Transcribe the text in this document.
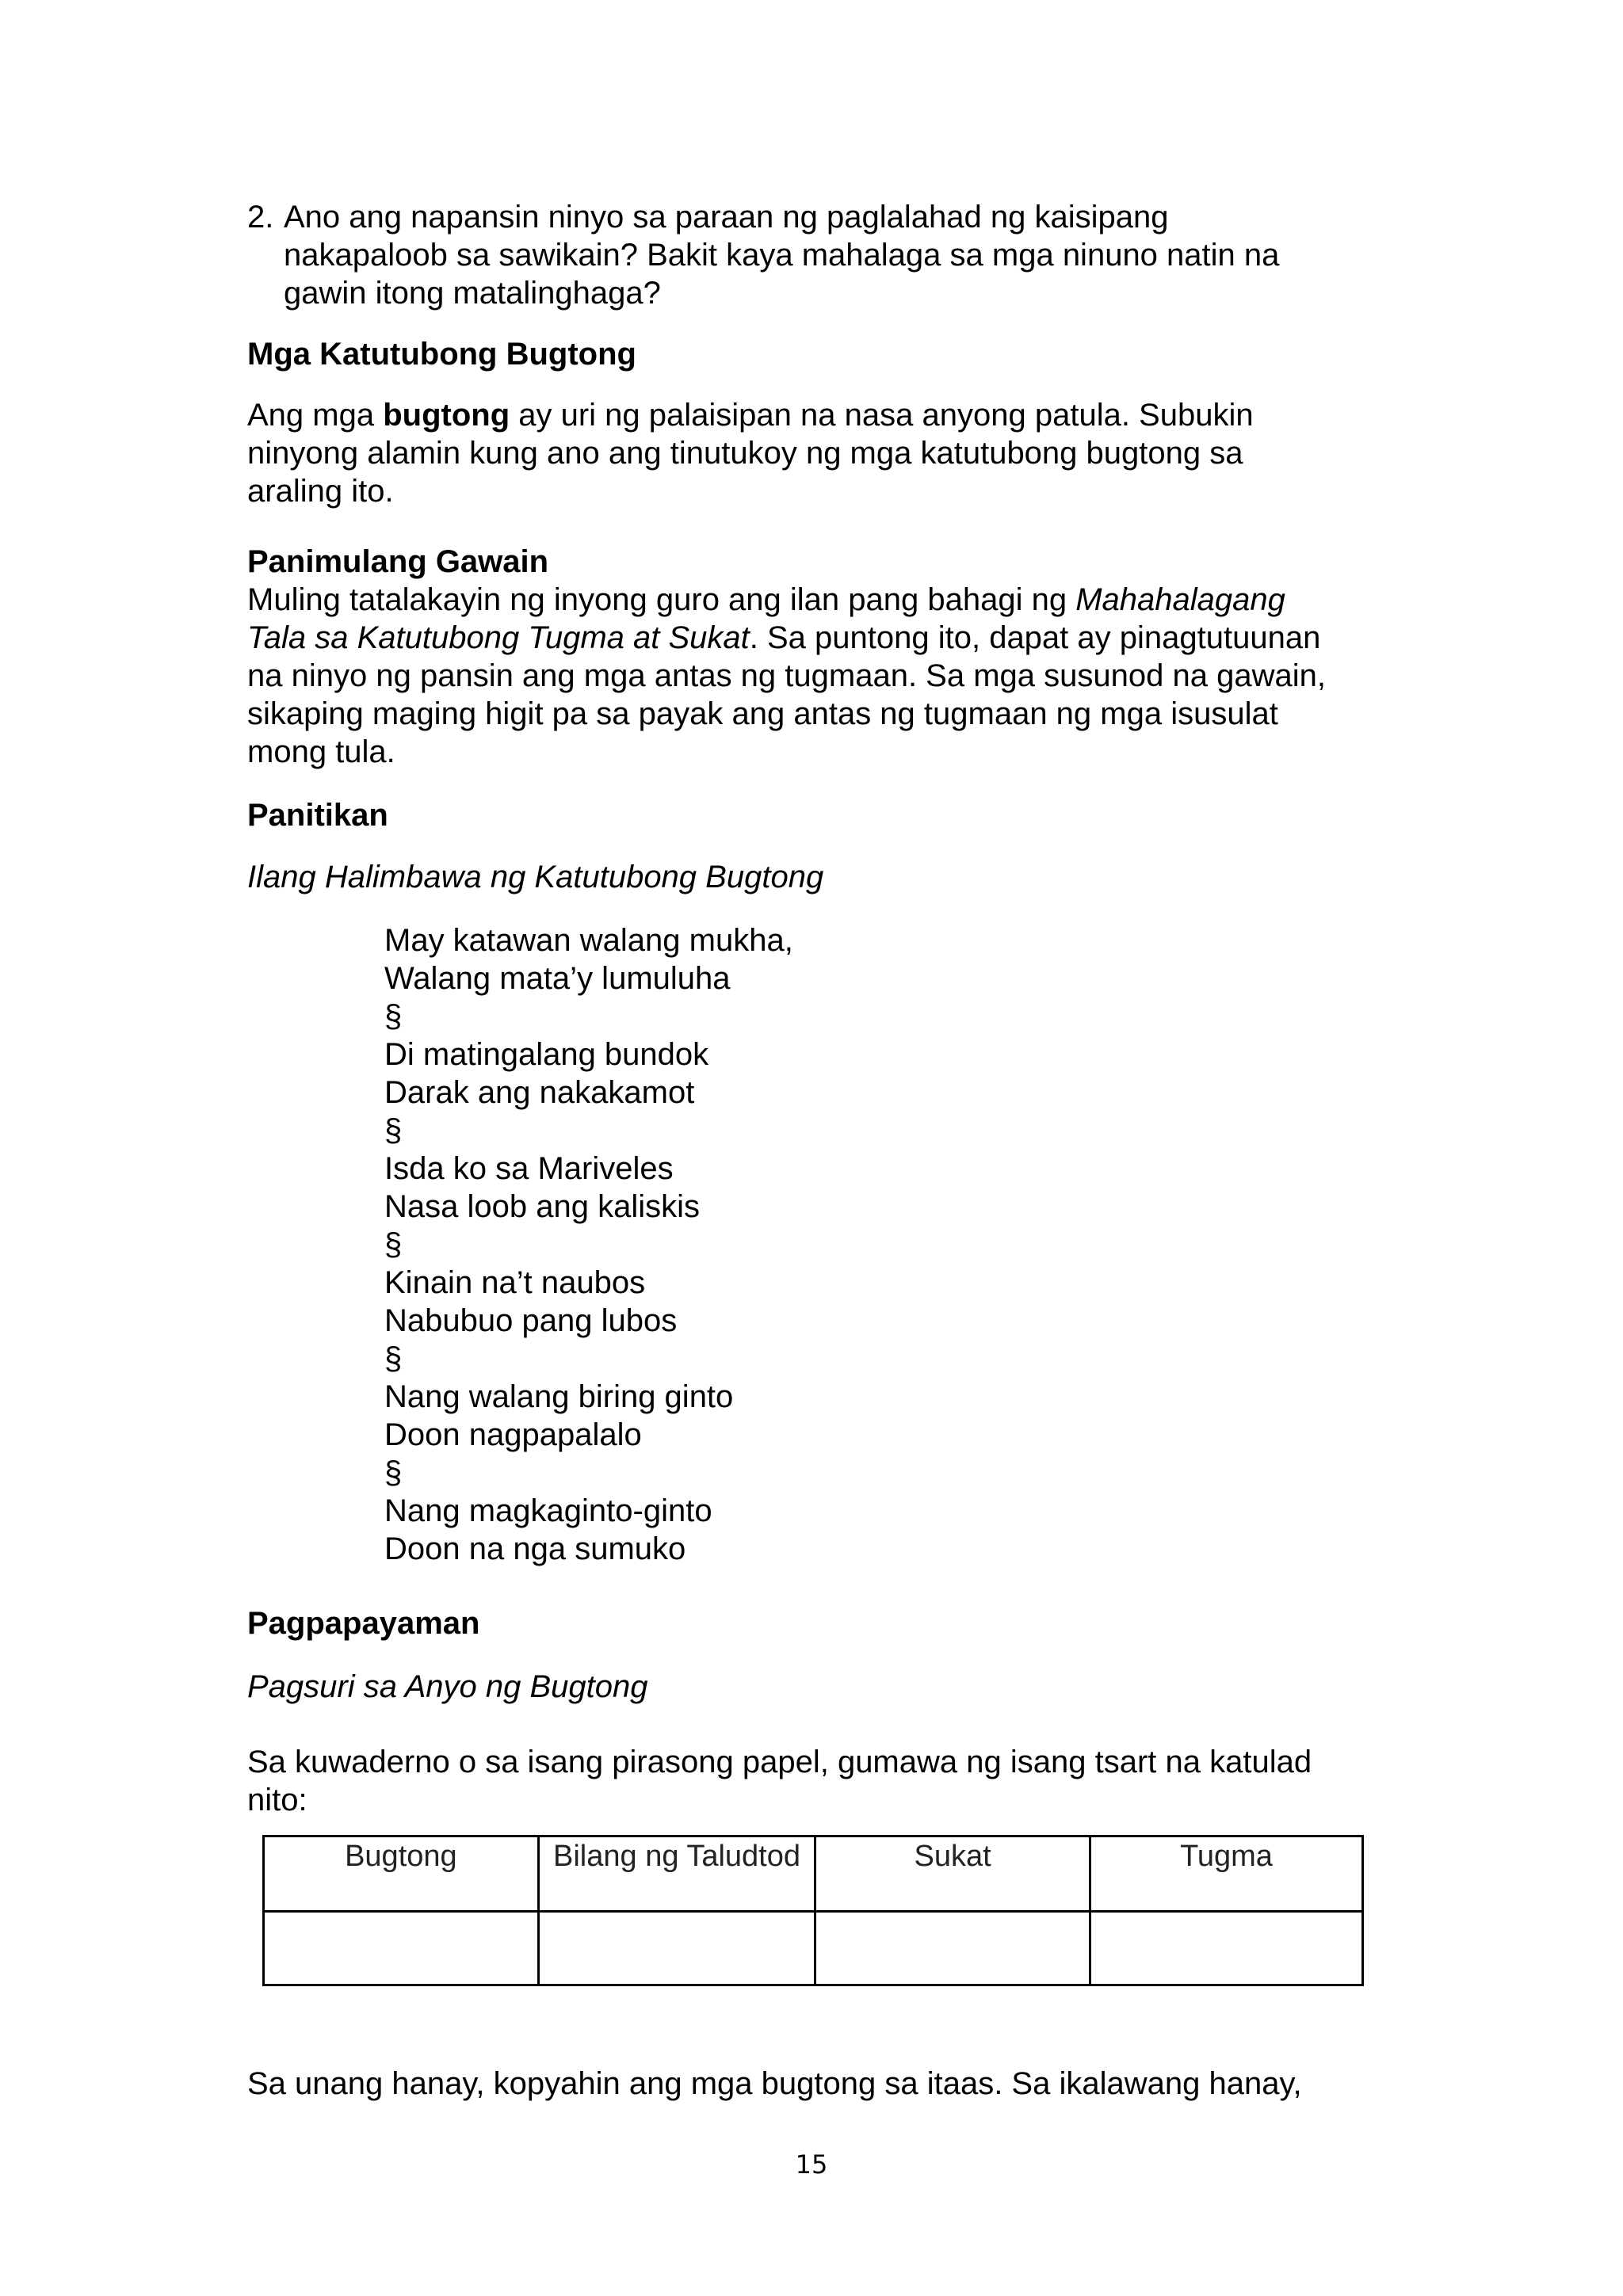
2. Ano ang napansin ninyo sa paraan ng paglalahad ng kaisipang
nakapaloob sa sawikain? Bakit kaya mahalaga sa mga ninuno natin na
gawin itong matalinghaga?
Mga Katutubong Bugtong
Ang mga bugtong ay uri ng palaisipan na nasa anyong patula. Subukin
ninyong alamin kung ano ang tinutukoy ng mga katutubong bugtong sa
araling ito.
Panimulang Gawain
Muling tatalakayin ng inyong guro ang ilan pang bahagi ng Mahahalagang
Tala sa Katutubong Tugma at Sukat. Sa puntong ito, dapat ay pinagtutuunan
na ninyo ng pansin ang mga antas ng tugmaan. Sa mga susunod na gawain,
sikaping maging higit pa sa payak ang antas ng tugmaan ng mga isusulat
mong tula.
Panitikan
Ilang Halimbawa ng Katutubong Bugtong
May katawan walang mukha,
Walang mata’y lumuluha
§
Di matingalang bundok
Darak ang nakakamot
§
Isda ko sa Mariveles
Nasa loob ang kaliskis
§
Kinain na’t naubos
Nabubuo pang lubos
§
Nang walang biring ginto
Doon nagpapalalo
§
Nang magkaginto-ginto
Doon na nga sumuko
Pagpapayaman
Pagsuri sa Anyo ng Bugtong
Sa kuwaderno o sa isang pirasong papel, gumawa ng isang tsart na katulad
nito:
Bugtong	Bilang ng Taludtod	Sukat	Tugma

Sa unang hanay, kopyahin ang mga bugtong sa itaas. Sa ikalawang hanay,
15
